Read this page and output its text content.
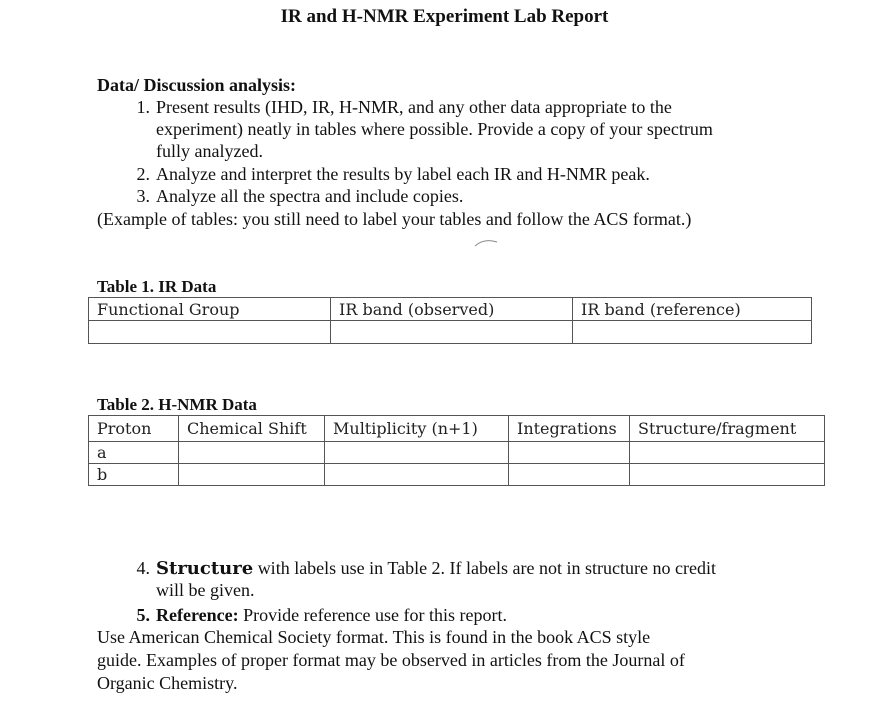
IR and H-NMR Experiment Lab Report
Data/ Discussion analysis:
1. Present results (IHD, IR, H-NMR, and any other data appropriate to the
experiment) neatly in tables where possible. Provide a copy of your spectrum
fully analyzed.
2. Analyze and interpret the results by label each IR and H-NMR peak.
3. Analyze all the spectra and include copies.
(Example of tables: you still need to label your tables and follow the ACS format.)
Table 1. IR Data
Functional Group	IR band (observed)	IR band (reference)

Table 2. H-NMR Data
Proton	Chemical Shift	Multiplicity (n+1)	Integrations	Structure/fragment
a				
b				
4. Structure with labels use in Table 2. If labels are not in structure no credit
will be given.
5. Reference: Provide reference use for this report.
Use American Chemical Society format. This is found in the book ACS style
guide. Examples of proper format may be observed in articles from the Journal of
Organic Chemistry.
